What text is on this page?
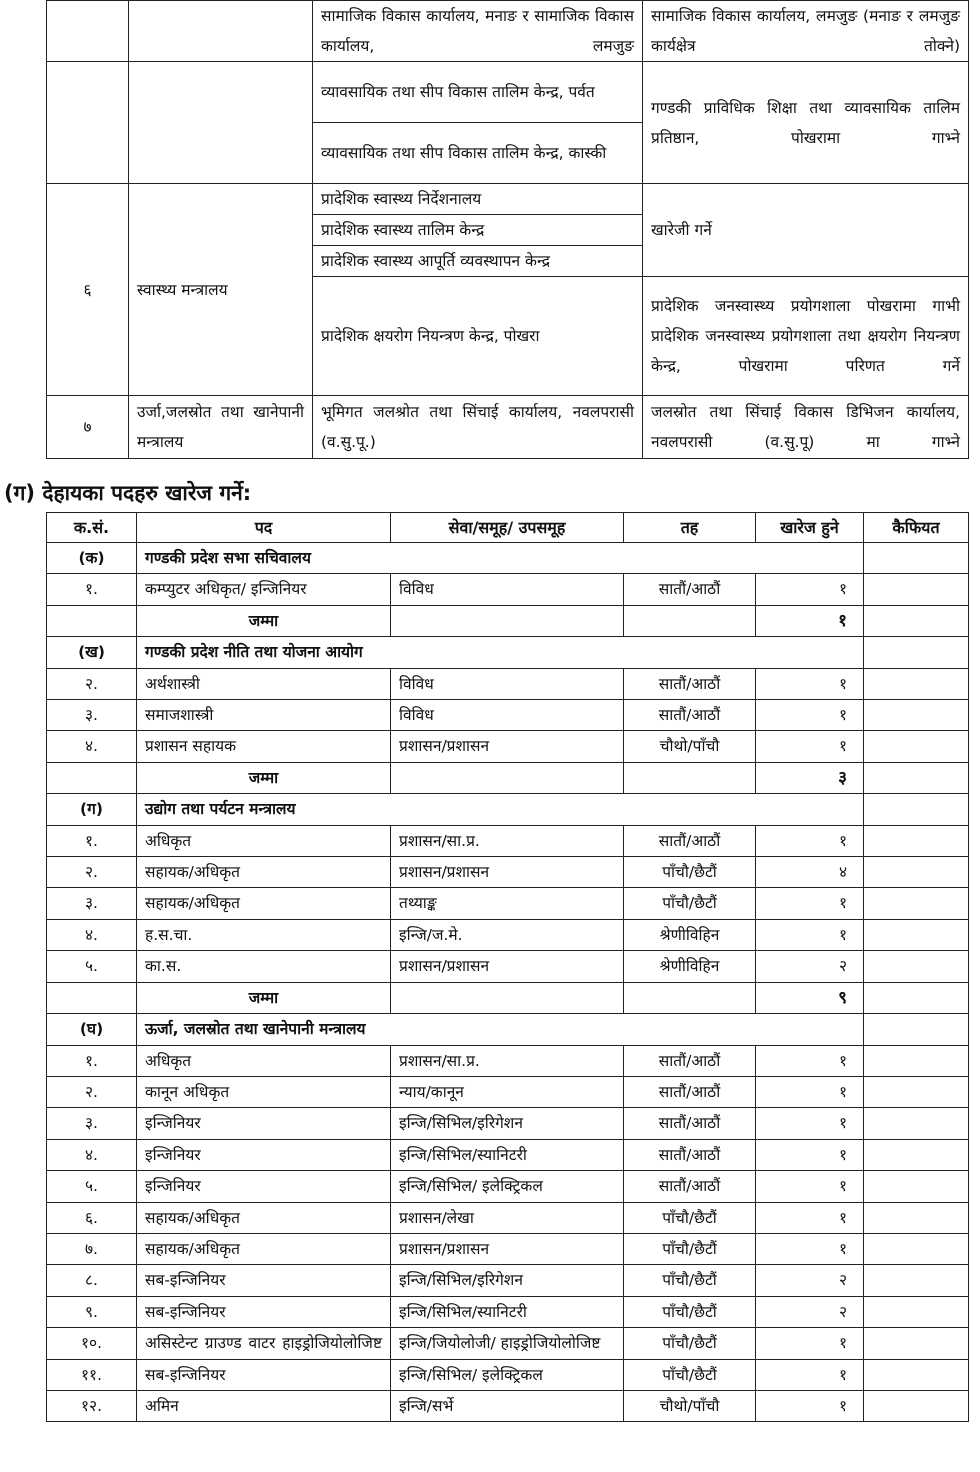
		सामाजिक विकास कार्यालय, मनाङ र सामाजिक विकास कार्यालय, लमजुङ	सामाजिक विकास कार्यालय, लमजुङ (मनाङ र लमजुङ कार्यक्षेत्र तोक्ने)
		व्यावसायिक तथा सीप विकास तालिम केन्द्र, पर्वत	गण्डकी प्राविधिक शिक्षा तथा व्यावसायिक तालिम प्रतिष्ठान, पोखरामा गाभ्ने
		व्यावसायिक तथा सीप विकास तालिम केन्द्र, कास्की	
६	स्वास्थ्य मन्त्रालय	प्रादेशिक स्वास्थ्य निर्देशनालय	खारेजी गर्ने
		प्रादेशिक स्वास्थ्य तालिम केन्द्र	
		प्रादेशिक स्वास्थ्य आपूर्ति व्यवस्थापन केन्द्र	
		प्रादेशिक क्षयरोग नियन्त्रण केन्द्र, पोखरा	प्रादेशिक जनस्वास्थ्य प्रयोगशाला पोखरामा गाभी प्रादेशिक जनस्वास्थ्य प्रयोगशाला तथा क्षयरोग नियन्त्रण केन्द्र, पोखरामा परिणत गर्ने
७	उर्जा,जलस्रोत तथा खानेपानी मन्त्रालय	भूमिगत जलश्रोत तथा सिंचाई कार्यालय, नवलपरासी (व.सु.पू.)	जलस्रोत तथा सिंचाई विकास डिभिजन कार्यालय, नवलपरासी (व.सु.पू) मा गाभ्ने
(ग) देहायका पदहरु खारेज गर्ने:
क.सं.	पद	सेवा/समूह/ उपसमूह	तह	खारेज हुने	कैफियत
(क)	गण्डकी प्रदेश सभा सचिवालय				
१.	कम्प्युटर अधिकृत/ इन्जिनियर	विविध	सातौं/आठौं	१	
	जम्मा			१	
(ख)	गण्डकी प्रदेश नीति तथा योजना आयोग				
२.	अर्थशास्त्री	विविध	सातौं/आठौं	१	
३.	समाजशास्त्री	विविध	सातौं/आठौं	१	
४.	प्रशासन सहायक	प्रशासन/प्रशासन	चौथो/पाँचौ	१	
	जम्मा			३	
(ग)	उद्योग तथा पर्यटन मन्त्रालय				
१.	अधिकृत	प्रशासन/सा.प्र.	सातौं/आठौं	१	
२.	सहायक/अधिकृत	प्रशासन/प्रशासन	पाँचौ/छैटौं	४	
३.	सहायक/अधिकृत	तथ्याङ्क	पाँचौ/छैटौं	१	
४.	ह.स.चा.	इन्जि/ज.मे.	श्रेणीविहिन	१	
५.	का.स.	प्रशासन/प्रशासन	श्रेणीविहिन	२	
	जम्मा			९	
(घ)	ऊर्जा, जलस्रोत तथा खानेपानी मन्त्रालय				
१.	अधिकृत	प्रशासन/सा.प्र.	सातौं/आठौं	१	
२.	कानून अधिकृत	न्याय/कानून	सातौं/आठौं	१	
३.	इन्जिनियर	इन्जि/सिभिल/इरिगेशन	सातौं/आठौं	१	
४.	इन्जिनियर	इन्जि/सिभिल/स्यानिटरी	सातौं/आठौं	१	
५.	इन्जिनियर	इन्जि/सिभिल/ इलेक्ट्रिकल	सातौं/आठौं	१	
६.	सहायक/अधिकृत	प्रशासन/लेखा	पाँचौ/छैटौं	१	
७.	सहायक/अधिकृत	प्रशासन/प्रशासन	पाँचौ/छैटौं	१	
८.	सब-इन्जिनियर	इन्जि/सिभिल/इरिगेशन	पाँचौ/छैटौं	२	
९.	सब-इन्जिनियर	इन्जि/सिभिल/स्यानिटरी	पाँचौ/छैटौं	२	
१०.	असिस्टेन्ट ग्राउण्ड वाटर हाइड्रोजियोलोजिष्ट	इन्जि/जियोलोजी/ हाइड्रोजियोलोजिष्ट	पाँचौ/छैटौं	१	
११.	सब-इन्जिनियर	इन्जि/सिभिल/ इलेक्ट्रिकल	पाँचौ/छैटौं	१	
१२.	अमिन	इन्जि/सर्भे	चौथो/पाँचौ	१	
